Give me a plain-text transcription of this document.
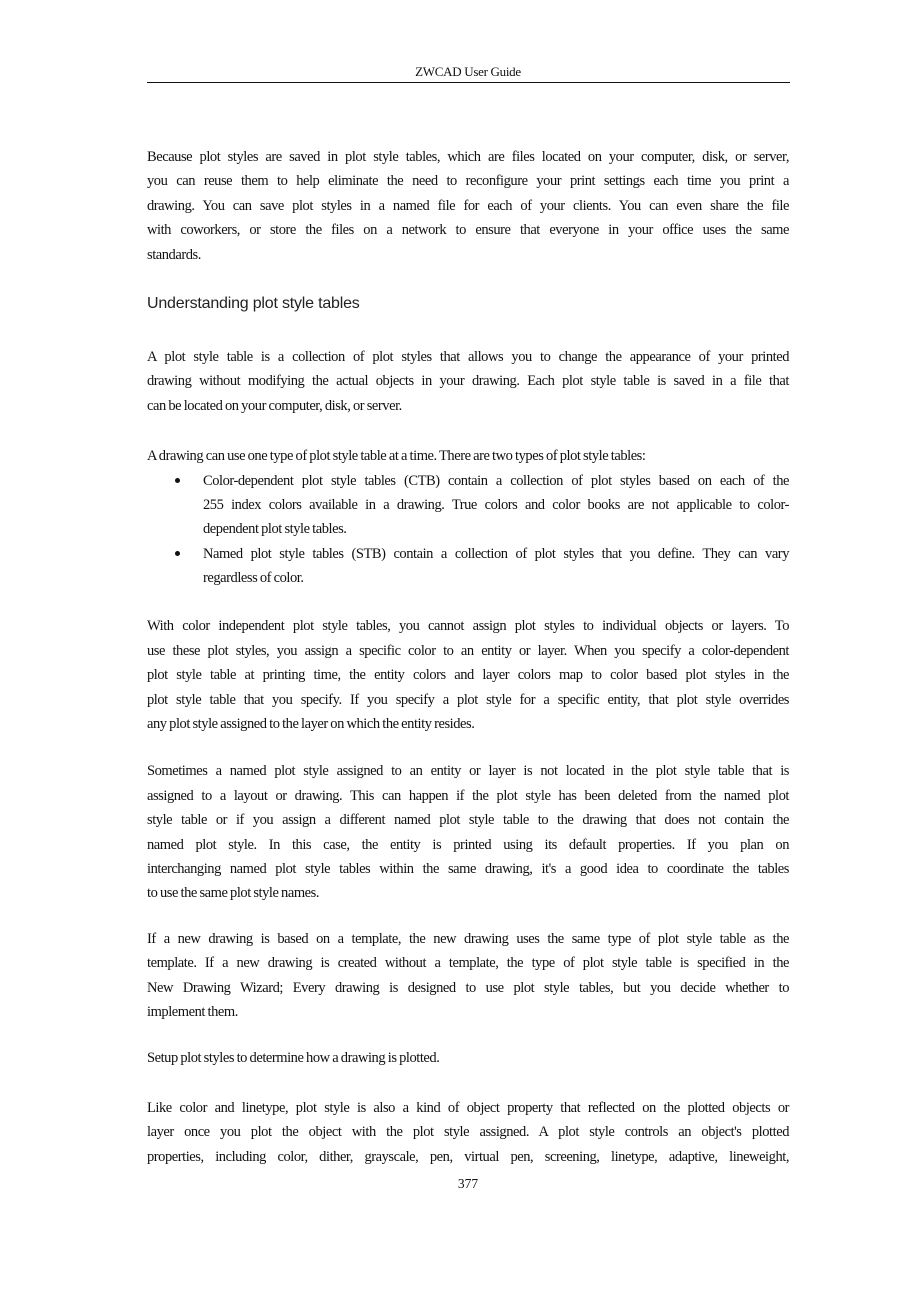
ZWCAD User Guide
Because plot styles are saved in plot style tables, which are files located on your computer, disk, or server,
you can reuse them to help eliminate the need to reconfigure your print settings each time you print a
drawing. You can save plot styles in a named file for each of your clients. You can even share the file
with coworkers, or store the files on a network to ensure that everyone in your office uses the same
standards.
Understanding plot style tables
A plot style table is a collection of plot styles that allows you to change the appearance of your printed
drawing without modifying the actual objects in your drawing. Each plot style table is saved in a file that
can be located on your computer, disk, or server.
A drawing can use one type of plot style table at a time. There are two types of plot style tables:
Color-dependent plot style tables (CTB) contain a collection of plot styles based on each of the
255 index colors available in a drawing. True colors and color books are not applicable to color-
dependent plot style tables.
Named plot style tables (STB) contain a collection of plot styles that you define. They can vary
regardless of color.
With color independent plot style tables, you cannot assign plot styles to individual objects or layers. To
use these plot styles, you assign a specific color to an entity or layer. When you specify a color-dependent
plot style table at printing time, the entity colors and layer colors map to color based plot styles in the
plot style table that you specify. If you specify a plot style for a specific entity, that plot style overrides
any plot style assigned to the layer on which the entity resides.
Sometimes a named plot style assigned to an entity or layer is not located in the plot style table that is
assigned to a layout or drawing. This can happen if the plot style has been deleted from the named plot
style table or if you assign a different named plot style table to the drawing that does not contain the
named plot style. In this case, the entity is printed using its default properties. If you plan on
interchanging named plot style tables within the same drawing, it's a good idea to coordinate the tables
to use the same plot style names.
If a new drawing is based on a template, the new drawing uses the same type of plot style table as the
template. If a new drawing is created without a template, the type of plot style table is specified in the
New Drawing Wizard; Every drawing is designed to use plot style tables, but you decide whether to
implement them.
Setup plot styles to determine how a drawing is plotted.
Like color and linetype, plot style is also a kind of object property that reflected on the plotted objects or
layer once you plot the object with the plot style assigned. A plot style controls an object's plotted
properties, including color, dither, grayscale, pen, virtual pen, screening, linetype, adaptive, lineweight,
377
